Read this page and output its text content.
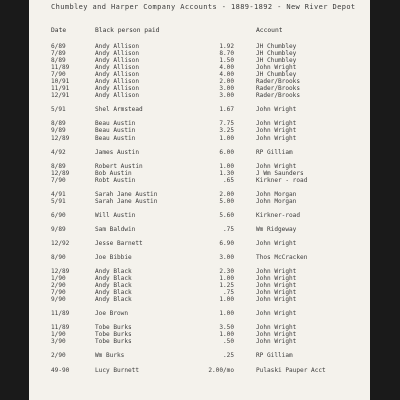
Chumbley and Harper Company Accounts - 1889-1892 - New River Depot
Date	Black person paid	Account
6/89	Andy Allison	1.92	JH Chumbley
7/89	Andy Allison	8.70	JH Chumbley
8/89	Andy Allison	1.50	JH Chumbley
11/89	Andy Allison	4.00	John Wright
7/90	Andy Allison	4.00	JH Chumbley
10/91	Andy Allison	2.00	Rader/Brooks
11/91	Andy Allison	3.00	Rader/Brooks
12/91	Andy Allison	3.00	Rader/Brooks
5/91	Shel Armstead	1.67	John Wright
8/89	Beau Austin	7.75	John Wright
9/89	Beau Austin	3.25	John Wright
12/89	Beau Austin	1.00	John Wright
4/92	James Austin	6.00	RP Gilliam
8/89	Robert Austin	1.00	John Wright
12/89	Bob Austin	1.30	J Wm Saunders
7/90	Robt Austin	.65	Kirkner - road
4/91	Sarah Jane Austin	2.00	John Morgan
5/91	Sarah Jane Austin	5.00	John Morgan
6/90	Will Austin	5.60	Kirkner-road
9/89	Sam Baldwin	.75	Wm Ridgeway
12/92	Jesse Barnett	6.90	John Wright
8/90	Joe Bibbie	3.00	Thos McCracken
12/89	Andy Black	2.30	John Wright
1/90	Andy Black	1.00	John Wright
2/90	Andy Black	1.25	John Wright
7/90	Andy Black	.75	John Wright
9/90	Andy Black	1.00	John Wright
11/89	Joe Brown	1.00	John Wright
11/89	Tobe Burks	3.50	John Wright
1/90	Tobe Burks	1.00	John Wright
3/90	Tobe Burks	.50	John Wright
2/90	Wm Burks	.25	RP Gilliam
49-90	Lucy Burnett	2.00/mo	Pulaski Pauper Acct
